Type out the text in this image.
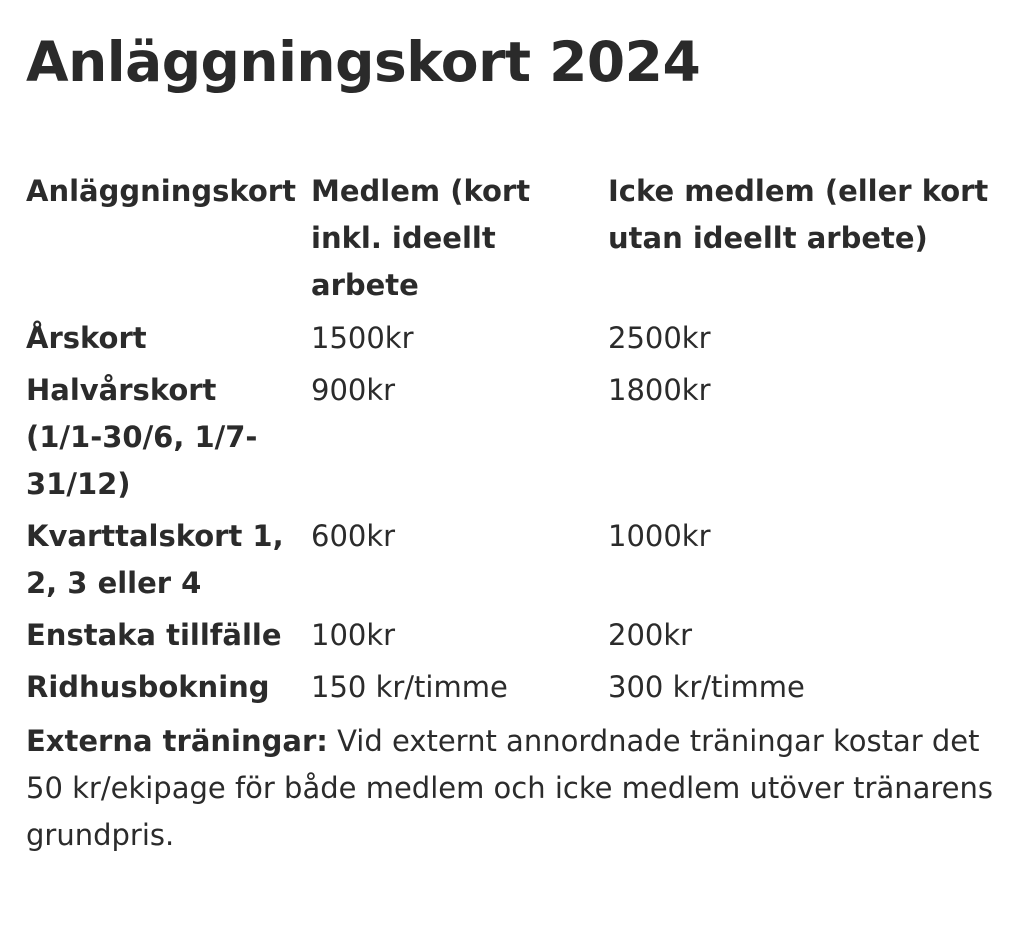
Anläggningskort 2024
Anläggningskort	Medlem (kort inkl. ideellt arbete	Icke medlem (eller kort utan ideellt arbete)
Årskort	1500kr	2500kr
Halvårskort (1/1-30/6, 1/7-31/12)	900kr	1800kr
Kvarttalskort 1, 2, 3 eller 4	600kr	1000kr
Enstaka tillfälle	100kr	200kr
Ridhusbokning	150 kr/timme	300 kr/timme

Externa träningar: Vid externt annordnade träningar kostar det 50 kr/ekipage för både medlem och icke medlem utöver tränarens grundpris.
